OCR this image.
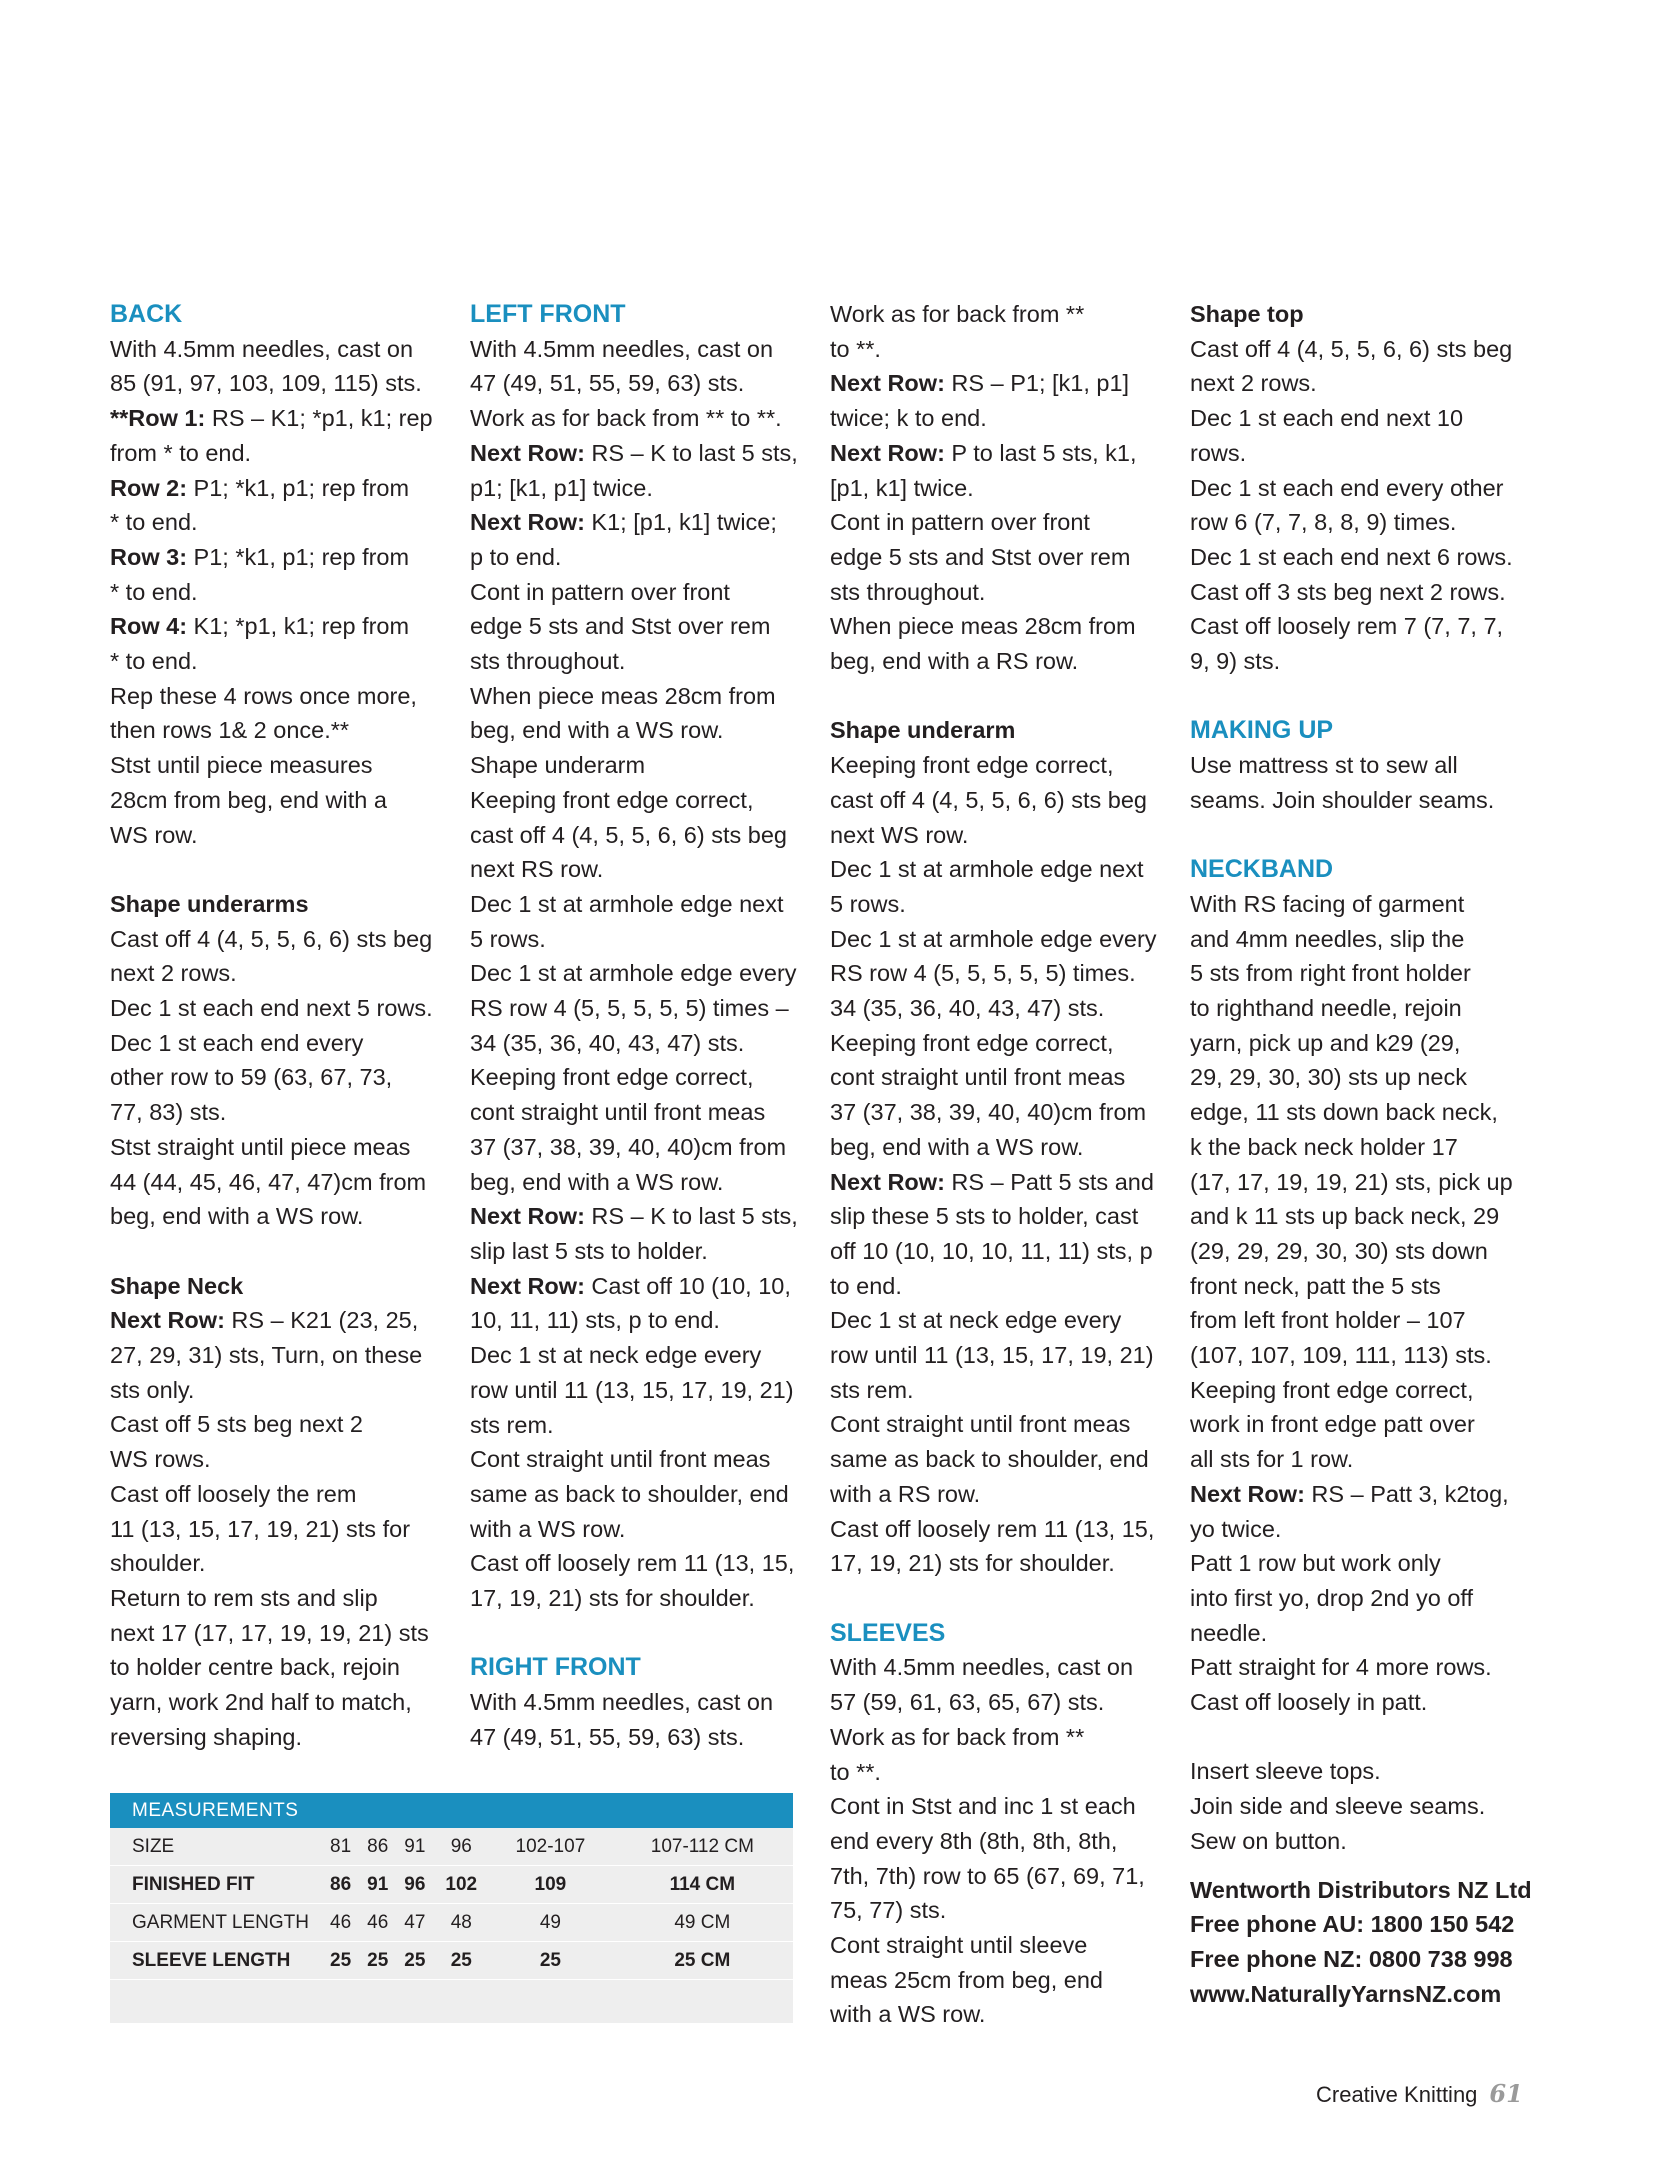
BACK
With 4.5mm needles, cast on
85 (91, 97, 103, 109, 115) sts.
**Row 1: RS – K1; *p1, k1; rep
from * to end.
Row 2: P1; *k1, p1; rep from
* to end.
Row 3: P1; *k1, p1; rep from
* to end.
Row 4: K1; *p1, k1; rep from
* to end.
Rep these 4 rows once more,
then rows 1& 2 once.**
Stst until piece measures
28cm from beg, end with a
WS row.
Shape underarms
Cast off 4 (4, 5, 5, 6, 6) sts beg
next 2 rows.
Dec 1 st each end next 5 rows.
Dec 1 st each end every
other row to 59 (63, 67, 73,
77, 83) sts.
Stst straight until piece meas
44 (44, 45, 46, 47, 47)cm from
beg, end with a WS row.
Shape Neck
Next Row: RS – K21 (23, 25,
27, 29, 31) sts, Turn, on these
sts only.
Cast off 5 sts beg next 2
WS rows.
Cast off loosely the rem
11 (13, 15, 17, 19, 21) sts for
shoulder.
Return to rem sts and slip
next 17 (17, 17, 19, 19, 21) sts
to holder centre back, rejoin
yarn, work 2nd half to match,
reversing shaping.
LEFT FRONT
With 4.5mm needles, cast on
47 (49, 51, 55, 59, 63) sts.
Work as for back from ** to **.
Next Row: RS – K to last 5 sts,
p1; [k1, p1] twice.
Next Row: K1; [p1, k1] twice;
p to end.
Cont in pattern over front
edge 5 sts and Stst over rem
sts throughout.
When piece meas 28cm from
beg, end with a WS row.
Shape underarm
Keeping front edge correct,
cast off 4 (4, 5, 5, 6, 6) sts beg
next RS row.
Dec 1 st at armhole edge next
5 rows.
Dec 1 st at armhole edge every
RS row 4 (5, 5, 5, 5, 5) times –
34 (35, 36, 40, 43, 47) sts.
Keeping front edge correct,
cont straight until front meas
37 (37, 38, 39, 40, 40)cm from
beg, end with a WS row.
Next Row: RS – K to last 5 sts,
slip last 5 sts to holder.
Next Row: Cast off 10 (10, 10,
10, 11, 11) sts, p to end.
Dec 1 st at neck edge every
row until 11 (13, 15, 17, 19, 21)
sts rem.
Cont straight until front meas
same as back to shoulder, end
with a WS row.
Cast off loosely rem 11 (13, 15,
17, 19, 21) sts for shoulder.
RIGHT FRONT
With 4.5mm needles, cast on
47 (49, 51, 55, 59, 63) sts.
Work as for back from **
to **.
Next Row: RS – P1; [k1, p1]
twice; k to end.
Next Row: P to last 5 sts, k1,
[p1, k1] twice.
Cont in pattern over front
edge 5 sts and Stst over rem
sts throughout.
When piece meas 28cm from
beg, end with a RS row.
Shape underarm
Keeping front edge correct,
cast off 4 (4, 5, 5, 6, 6) sts beg
next WS row.
Dec 1 st at armhole edge next
5 rows.
Dec 1 st at armhole edge every
RS row 4 (5, 5, 5, 5, 5) times.
34 (35, 36, 40, 43, 47) sts.
Keeping front edge correct,
cont straight until front meas
37 (37, 38, 39, 40, 40)cm from
beg, end with a WS row.
Next Row: RS – Patt 5 sts and
slip these 5 sts to holder, cast
off 10 (10, 10, 10, 11, 11) sts, p
to end.
Dec 1 st at neck edge every
row until 11 (13, 15, 17, 19, 21)
sts rem.
Cont straight until front meas
same as back to shoulder, end
with a RS row.
Cast off loosely rem 11 (13, 15,
17, 19, 21) sts for shoulder.
SLEEVES
With 4.5mm needles, cast on
57 (59, 61, 63, 65, 67) sts.
Work as for back from **
to **.
Cont in Stst and inc 1 st each
end every 8th (8th, 8th, 8th,
7th, 7th) row to 65 (67, 69, 71,
75, 77) sts.
Cont straight until sleeve
meas 25cm from beg, end
with a WS row.
Shape top
Cast off 4 (4, 5, 5, 6, 6) sts beg
next 2 rows.
Dec 1 st each end next 10
rows.
Dec 1 st each end every other
row 6 (7, 7, 8, 8, 9) times.
Dec 1 st each end next 6 rows.
Cast off 3 sts beg next 2 rows.
Cast off loosely rem 7 (7, 7, 7,
9, 9) sts.
MAKING UP
Use mattress st to sew all
seams. Join shoulder seams.
NECKBAND
With RS facing of garment
and 4mm needles, slip the
5 sts from right front holder
to righthand needle, rejoin
yarn, pick up and k29 (29,
29, 29, 30, 30) sts up neck
edge, 11 sts down back neck,
k the back neck holder 17
(17, 17, 19, 19, 21) sts, pick up
and k 11 sts up back neck, 29
(29, 29, 29, 30, 30) sts down
front neck, patt the 5 sts
from left front holder – 107
(107, 107, 109, 111, 113) sts.
Keeping front edge correct,
work in front edge patt over
all sts for 1 row.
Next Row: RS – Patt 3, k2tog,
yo twice.
Patt 1 row but work only
into first yo, drop 2nd yo off
needle.
Patt straight for 4 more rows.
Cast off loosely in patt.
Insert sleeve tops.
Join side and sleeve seams.
Sew on button.
Wentworth Distributors NZ Ltd
Free phone AU: 1800 150 542
Free phone NZ: 0800 738 998
www.NaturallyYarnsNZ.com
MEASUREMENTS
SIZE	81	86	91	96	102-107	107-112 CM
FINISHED FIT	86	91	96	102	109	114 CM
GARMENT LENGTH	46	46	47	48	49	49 CM
SLEEVE LENGTH	25	25	25	25	25	25 CM
Creative Knitting 61
